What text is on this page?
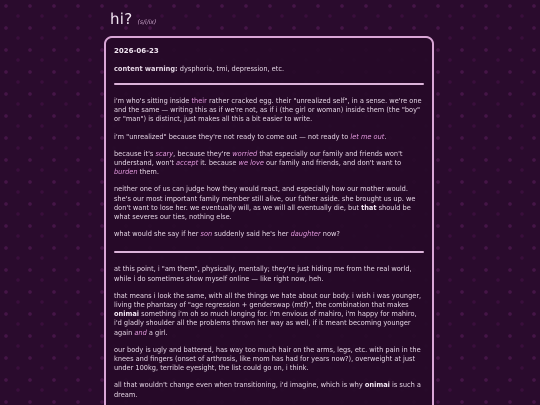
hi? (s/i/ix)
2026-06-23
content warning: dysphoria, tmi, depression, etc.

i'm who's sitting inside their rather cracked egg. their "unrealized self", in a sense. we're one and the same — writing this as if we're not, as if i (the girl or woman) inside them (the "boy" or "man") is distinct, just makes all this a bit easier to write.

i'm "unrealized" because they're not ready to come out — not ready to let me out.

because it's scary, because they're worried that especially our family and friends won't understand, won't accept it. because we love our family and friends, and don't want to burden them.

neither one of us can judge how they would react, and especially how our mother would. she's our most important family member still alive, our father aside. she brought us up. we don't want to lose her. we eventually will, as we will all eventually die, but that should be what severes our ties, nothing else.

what would she say if her son suddenly said he's her daughter now?

at this point, i "am them", physically, mentally; they're just hiding me from the real world, while i do sometimes show myself online — like right now, heh.

that means i look the same, with all the things we hate about our body. i wish i was younger, living the phantasy of "age regression + genderswap (mtf)", the combination that makes onimai something i'm oh so much longing for. i'm envious of mahiro, i'm happy for mahiro, i'd gladly shoulder all the problems thrown her way as well, if it meant becoming younger again and a girl.

our body is ugly and battered, has way too much hair on the arms, legs, etc. with pain in the knees and fingers (onset of arthrosis, like mom has had for years now?), overweight at just under 100kg, terrible eyesight, the list could go on, i think.

all that wouldn't change even when transitioning, i'd imagine, which is why onimai is such a dream.
